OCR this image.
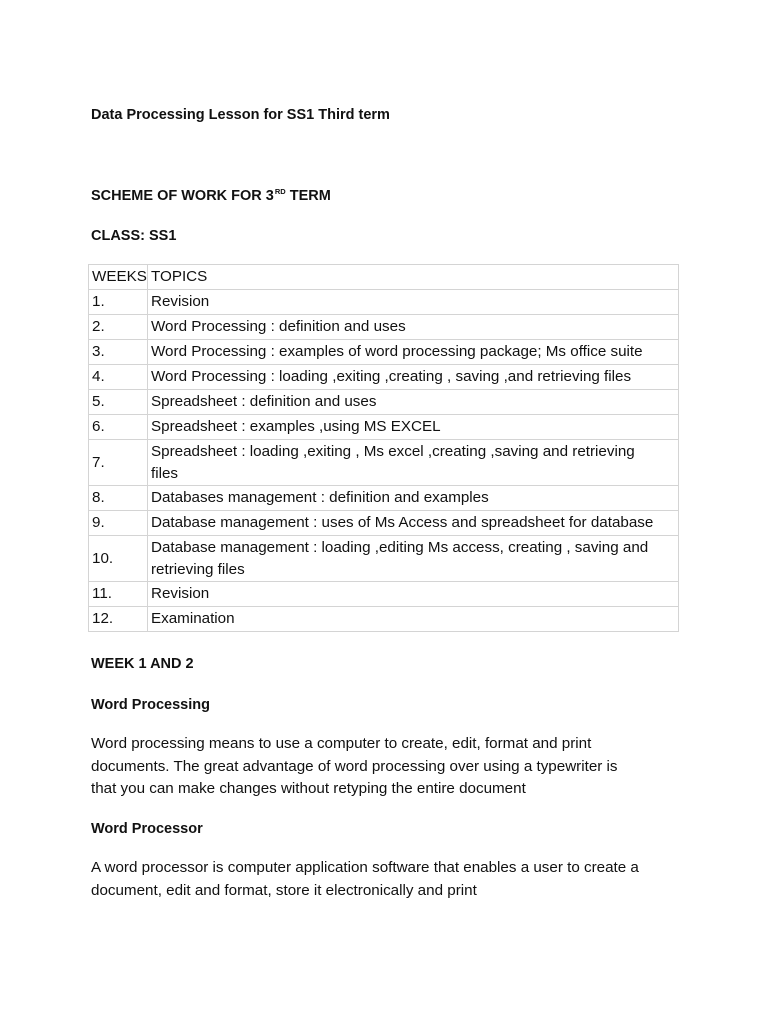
Data Processing Lesson for SS1 Third term
SCHEME OF WORK FOR 3RD TERM
CLASS: SS1
WEEKS	TOPICS
1.	Revision
2.	Word Processing : definition and uses
3.	Word Processing : examples of word processing package; Ms office suite
4.	Word Processing : loading ,exiting ,creating , saving ,and retrieving files
5.	Spreadsheet : definition and uses
6.	Spreadsheet : examples ,using MS EXCEL
7.	Spreadsheet : loading ,exiting , Ms excel ,creating ,saving and retrieving
files

8.	Databases management : definition and examples
9.	Database management : uses of Ms Access and spreadsheet for database
10.	Database management : loading ,editing Ms access, creating , saving and
retrieving files

11.	Revision
12.	Examination
WEEK 1 AND 2
Word Processing
Word processing means to use a computer to create, edit, format and print
documents. The great advantage of word processing over using a typewriter is
that you can make changes without retyping the entire document
Word Processor
A word processor is computer application software that enables a user to create a
document, edit and format, store it electronically and print
